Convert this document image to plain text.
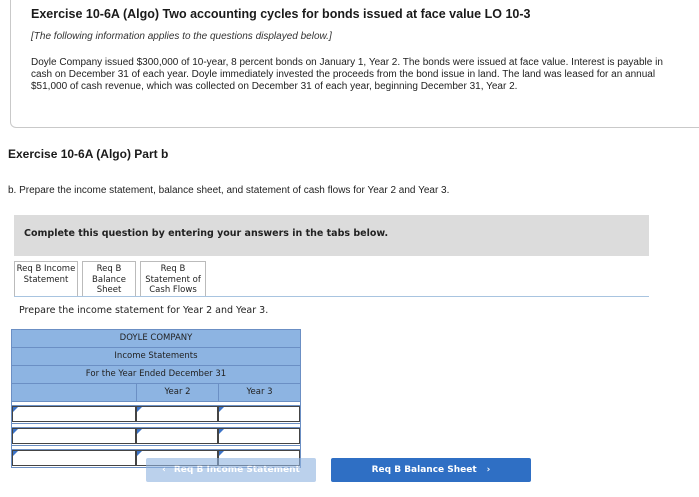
Exercise 10-6A (Algo) Two accounting cycles for bonds issued at face value LO 10-3
[The following information applies to the questions displayed below.]
Doyle Company issued $300,000 of 10-year, 8 percent bonds on January 1, Year 2. The bonds were issued at face value. Interest is payable in cash on December 31 of each year. Doyle immediately invested the proceeds from the bond issue in land. The land was leased for an annual $51,000 of cash revenue, which was collected on December 31 of each year, beginning December 31, Year 2.
Exercise 10-6A (Algo) Part b
b. Prepare the income statement, balance sheet, and statement of cash flows for Year 2 and Year 3.
Complete this question by entering your answers in the tabs below.
Req B Income Statement
Req B Balance Sheet
Req B Statement of Cash Flows
Prepare the income statement for Year 2 and Year 3.
DOYLE COMPANY
Income Statements
For the Year Ended December 31
Year 2	Year 3
‹ Req B Income Statement	Req B Balance Sheet ›
